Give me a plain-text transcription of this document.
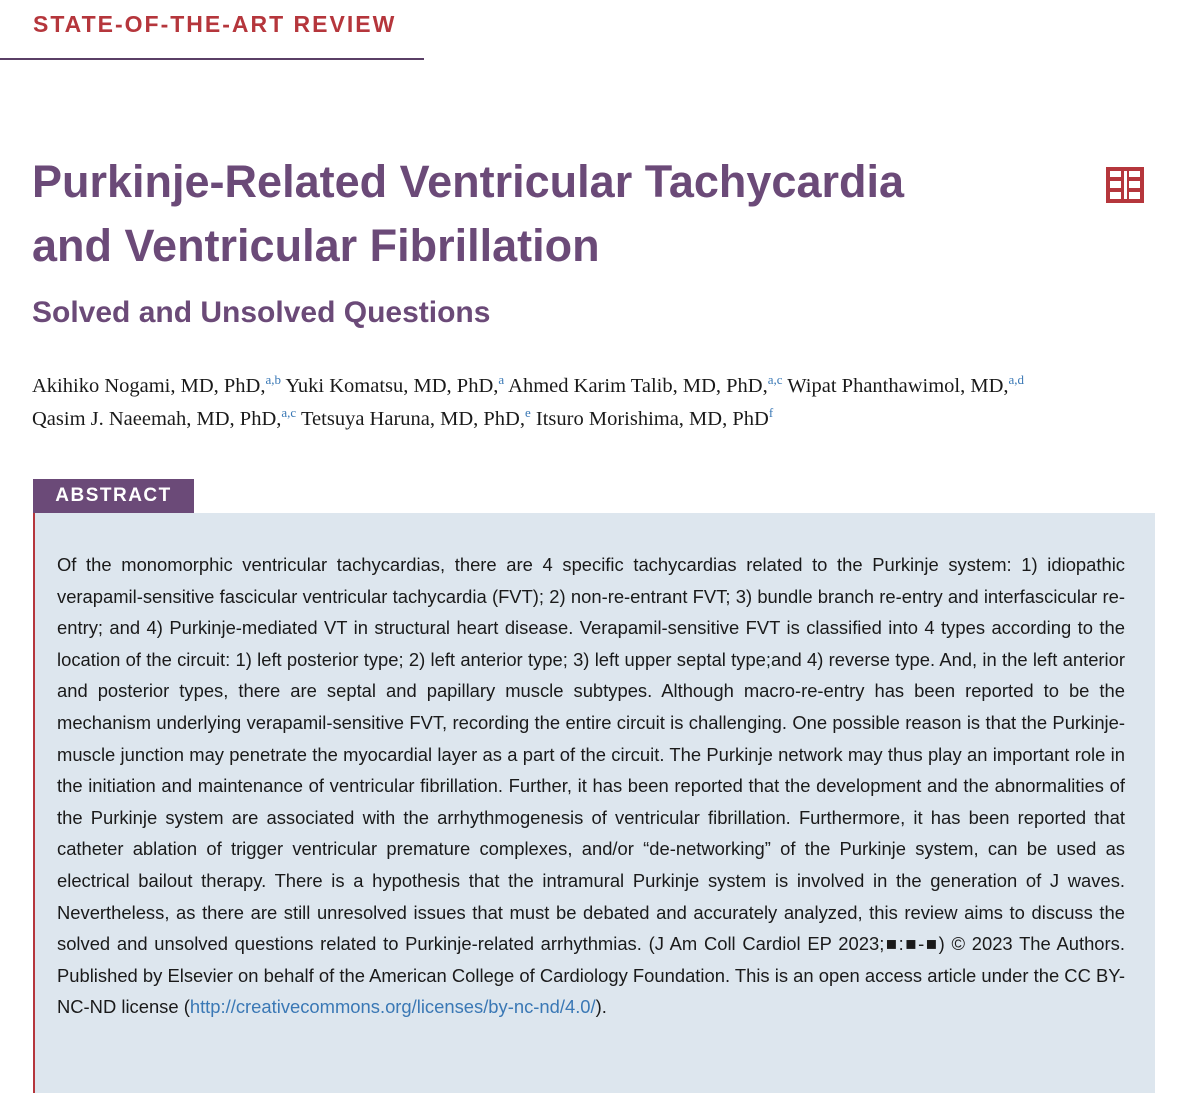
STATE-OF-THE-ART REVIEW
Purkinje-Related Ventricular Tachycardia
and Ventricular Fibrillation
Solved and Unsolved Questions
Akihiko Nogami, MD, PhD,$^{a,b}$ Yuki Komatsu, MD, PhD,$^a$ Ahmed Karim Talib, MD, PhD,$^{a,c}$ Wipat Phanthawimol, MD,$^{a,d}$
Qasim J. Naeemah, MD, PhD,$^{a,c}$ Tetsuya Haruna, MD, PhD,$^e$ Itsuro Morishima, MD, PhD$^f$
ABSTRACT

Of the monomorphic ventricular tachycardias, there are 4 specific tachycardias related to the Purkinje system: 1) idiopathic verapamil-sensitive fascicular ventricular tachycardia (FVT); 2) non-re-entrant FVT; 3) bundle branch re-entry and interfascicular re-entry; and 4) Purkinje-mediated VT in structural heart disease. Verapamil-sensitive FVT is classified into 4 types according to the location of the circuit: 1) left posterior type; 2) left anterior type; 3) left upper septal type;and 4) reverse type. And, in the left anterior and posterior types, there are septal and papillary muscle subtypes. Although macro-re-entry has been reported to be the mechanism underlying verapamil-sensitive FVT, recording the entire circuit is challenging. One possible reason is that the Purkinje-muscle junction may penetrate the myocardial layer as a part of the circuit. The Purkinje network may thus play an important role in the initiation and maintenance of ventricular fibrillation. Further, it has been reported that the development and the abnormalities of the Purkinje system are associated with the arrhythmogenesis of ventricular fibrillation. Furthermore, it has been reported that catheter ablation of trigger ventricular premature complexes, and/or “de-networking” of the Purkinje system, can be used as electrical bailout therapy. There is a hypothesis that the intramural Purkinje system is involved in the generation of J waves. Nevertheless, as there are still unresolved issues that must be debated and accurately analyzed, this review aims to discuss the solved and unsolved questions related to Purkinje-related arrhythmias. (J Am Coll Cardiol EP 2023;■:■-■) © 2023 The Authors. Published by Elsevier on behalf of the American College of Cardiology Foundation. This is an open access article under the CC BY-NC-ND license (http://creativecommons.org/licenses/by-nc-nd/4.0/).
